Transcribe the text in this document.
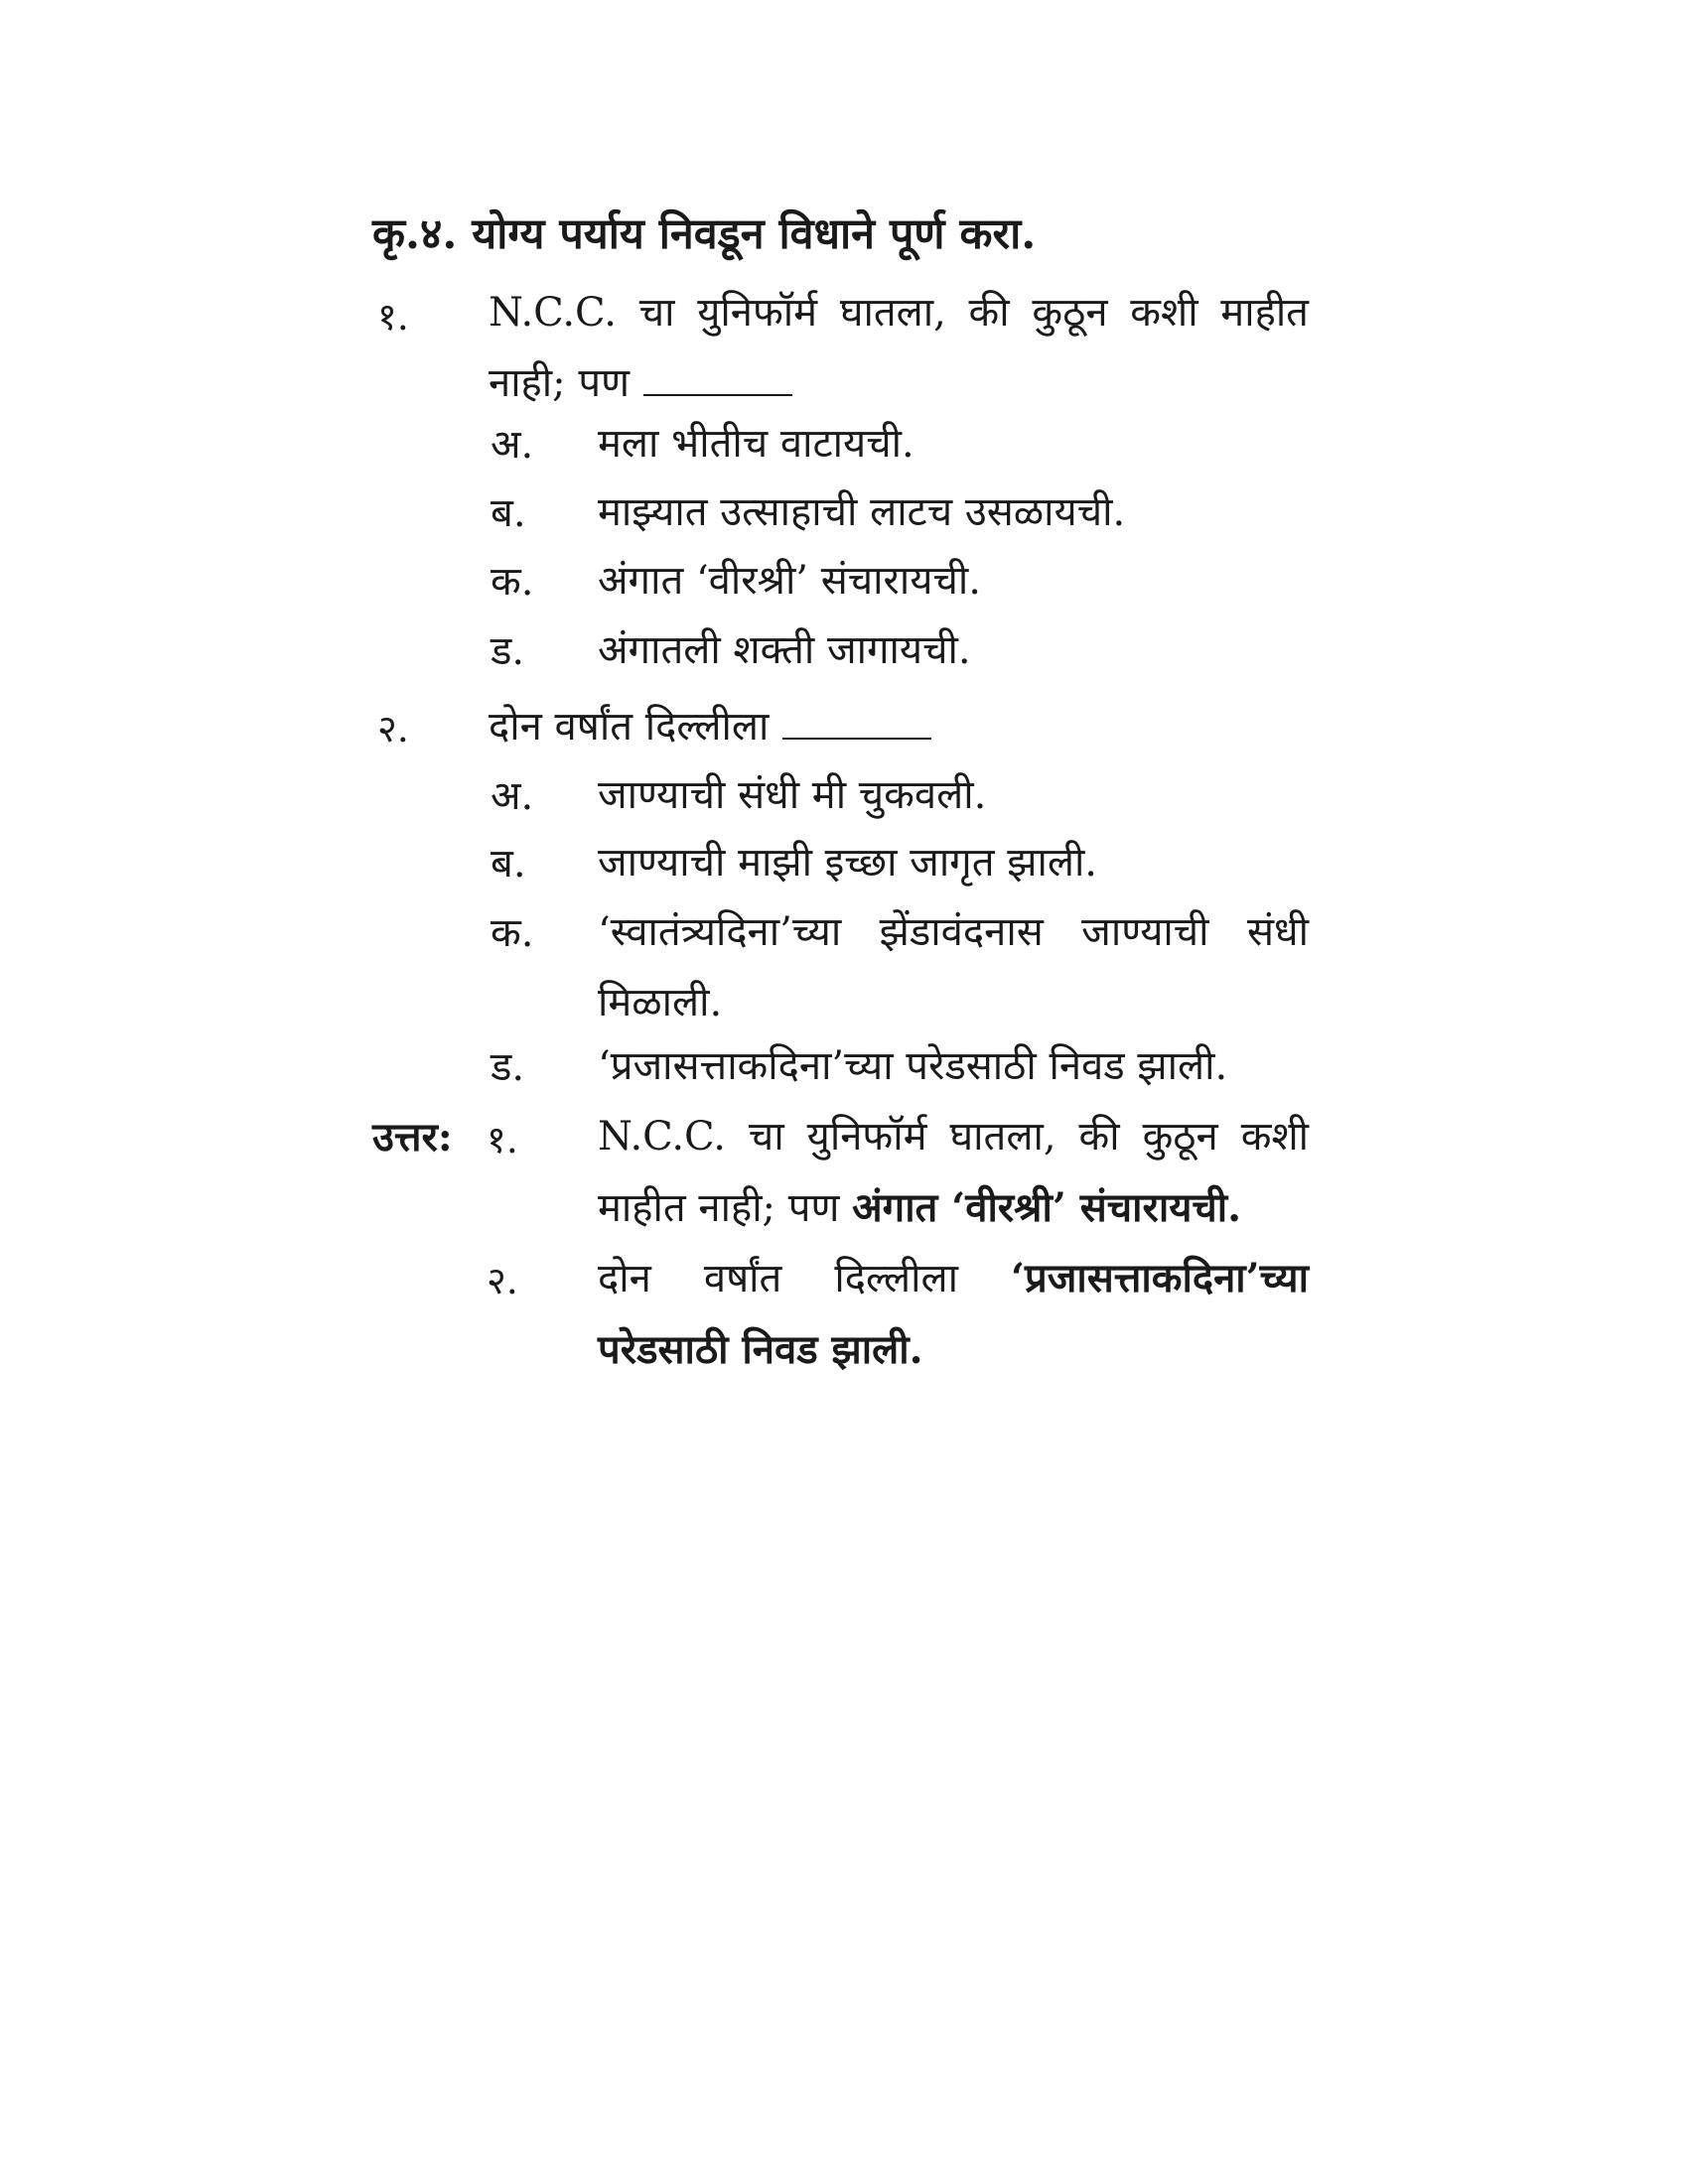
कृ.४. योग्य पर्याय निवडून विधाने पूर्ण करा.
१. N.C.C. चा युनिफॉर्म घातला, की कुठून कशी माहीत नाही; पण
अ. मला भीतीच वाटायची.
ब. माझ्यात उत्साहाची लाटच उसळायची.
क. अंगात ‘वीरश्री’ संचारायची.
ड. अंगातली शक्ती जागायची.
२. दोन वर्षांत दिल्लीला
अ. जाण्याची संधी मी चुकवली.
ब. जाण्याची माझी इच्छा जागृत झाली.
क. ‘स्वातंत्र्यदिना’च्या झेंडावंदनास जाण्याची संधी मिळाली.
ड. ‘प्रजासत्ताकदिना’च्या परेडसाठी निवड झाली.
उत्तर: १. N.C.C. चा युनिफॉर्म घातला, की कुठून कशी माहीत नाही; पण अंगात ‘वीरश्री’ संचारायची.
२. दोन वर्षांत दिल्लीला ‘प्रजासत्ताकदिना’च्या परेडसाठी निवड झाली.
